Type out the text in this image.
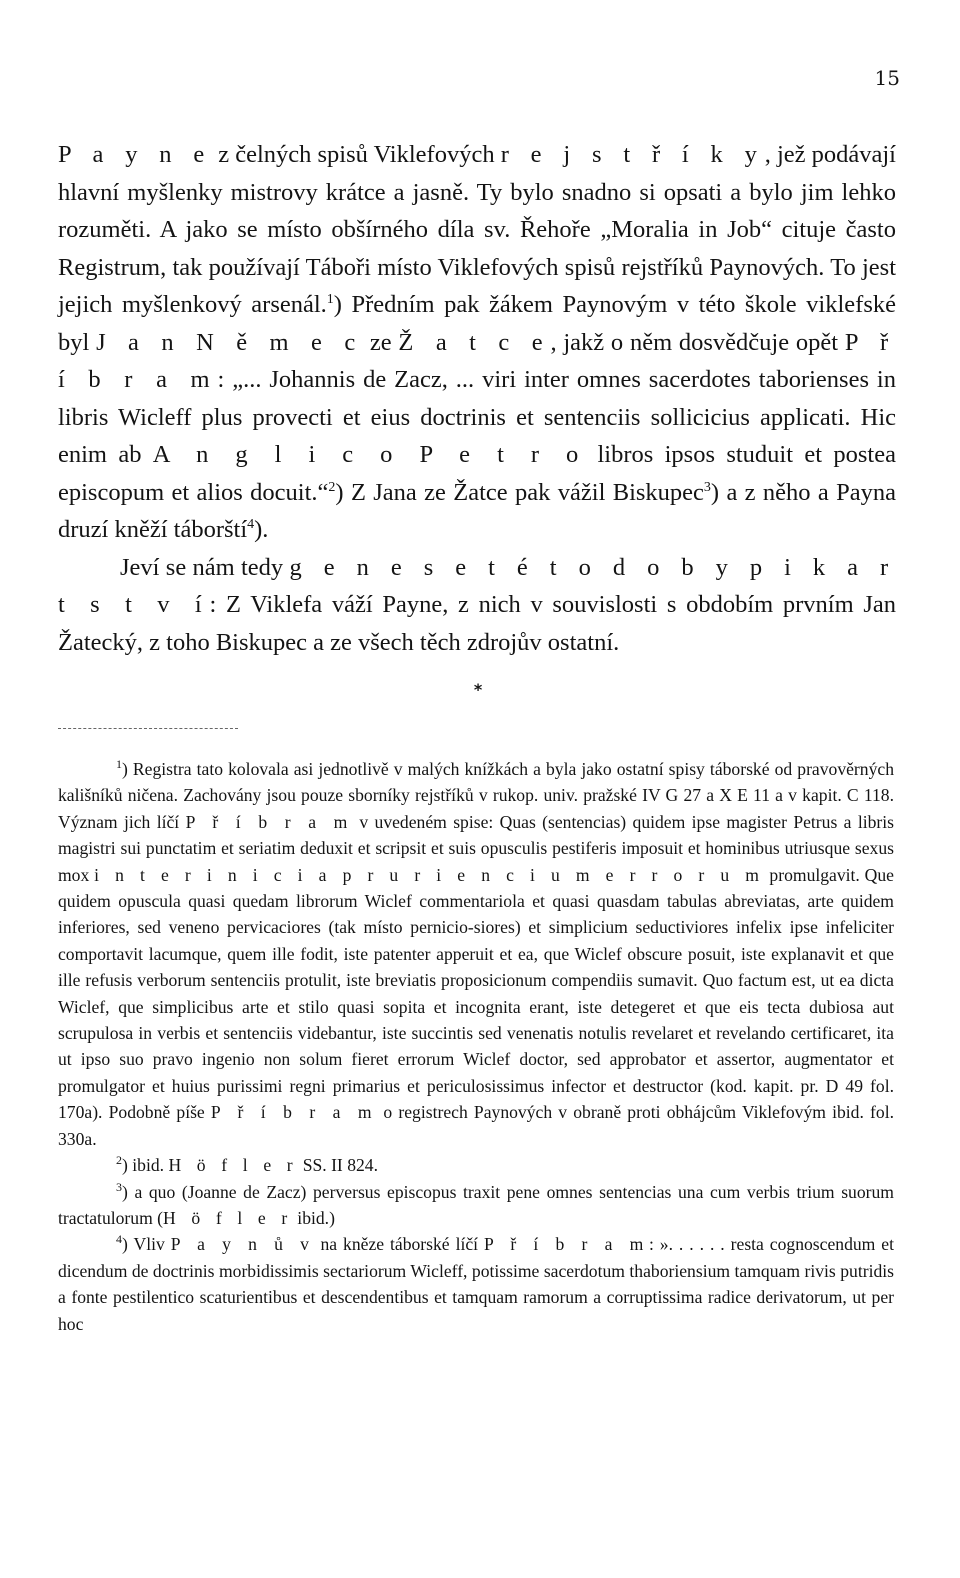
15

P a y n e z čelných spisů Viklefových r e j s t ř í k y, jež podávají hlavní myšlenky mistrovy krátce a jasně. Ty bylo snadno si opsati a bylo jim lehko rozuměti. A jako se místo obšírného díla sv. Řehoře „Moralia in Job“ cituje často Registrum, tak používají Táboři místo Viklefových spisů rejstříků Paynových. To jest jejich myšlenkový arsenál.$^1$) Předním pak žákem Paynovým v této škole viklefské byl J a n N ě m e c ze Ž a t c e, jakž o něm dosvědčuje opět P ř í b r a m: „... Johannis de Zacz, ... viri inter omnes sacerdotes taborienses in libris Wicleff plus provecti et eius doctrinis et sentenciis sollicicius applicati. Hic enim ab A n g l i c o P e t r o libros ipsos studuit et postea episcopum et alios docuit.“$^2$) Z Jana ze Žatce pak vážil Biskupec$^3$) a z něho a Payna druzí kněží táborští$^4$).

Jeví se nám tedy g e n e s e t é t o d o b y p i k a r t s t v í: Z Viklefa váží Payne, z nich v souvislosti s obdobím prvním Jan Žatecký, z toho Biskupec a ze všech těch zdrojův ostatní.

*

$^1$) Registra tato kolovala asi jednotlivě v malých knížkách a byla jako ostatní spisy táborské od pravověrných kališníků ničena. Zachovány jsou pouze sborníky rejstříků v rukop. univ. pražské IV G 27 a X E 11 a v kapit. C 118. Význam jich líčí P ř í b r a m v uvedeném spise: Quas (sentencias) quidem ipse magister Petrus a libris magistri sui punctatim et seriatim deduxit et scripsit et suis opusculis pestiferis imposuit et hominibus utriusque sexus mox i n t e r i n i c i a p r u r i e n c i u m e r r o r u m promulgavit. Que quidem opuscula quasi quedam librorum Wiclef commentariola et quasi quasdam tabulas abreviatas, arte quidem inferiores, sed veneno pervicaciores (tak místo pernicio-siores) et simplicium seductiviores infelix ipse infeliciter comportavit lacumque, quem ille fodit, iste patenter apperuit et ea, que Wiclef obscure posuit, iste explanavit et que ille refusis verborum sentenciis protulit, iste breviatis proposicionum compendiis sumavit. Quo factum est, ut ea dicta Wiclef, que simplicibus arte et stilo quasi sopita et incognita erant, iste detegeret et que eis tecta dubiosa aut scrupulosa in verbis et sentenciis videbantur, iste succintis sed venenatis notulis revelaret et revelando certificaret, ita ut ipso suo pravo ingenio non solum fieret errorum Wiclef doctor, sed approbator et assertor, augmentator et promulgator et huius purissimi regni primarius et periculosissimus infector et destructor (kod. kapit. pr. D 49 fol. 170a). Podobně píše P ř í b r a m o registrech Paynových v obraně proti obhájcům Viklefovým ibid. fol. 330a.

$^2$) ibid. H ö f l e r SS. II 824.

$^3$) a quo (Joanne de Zacz) perversus episcopus traxit pene omnes sentencias una cum verbis trium suorum tractatulorum (H ö f l e r ibid.)

$^4$) Vliv P a y n ů v na kněze táborské líčí P ř í b r a m: ». . . . . . resta cognoscendum et dicendum de doctrinis morbidissimis sectariorum Wicleff, potissime sacerdotum thaboriensium tamquam rivis putridis a fonte pestilentico scaturientibus et descendentibus et tamquam ramorum a corruptissima radice derivatorum, ut per hoc
